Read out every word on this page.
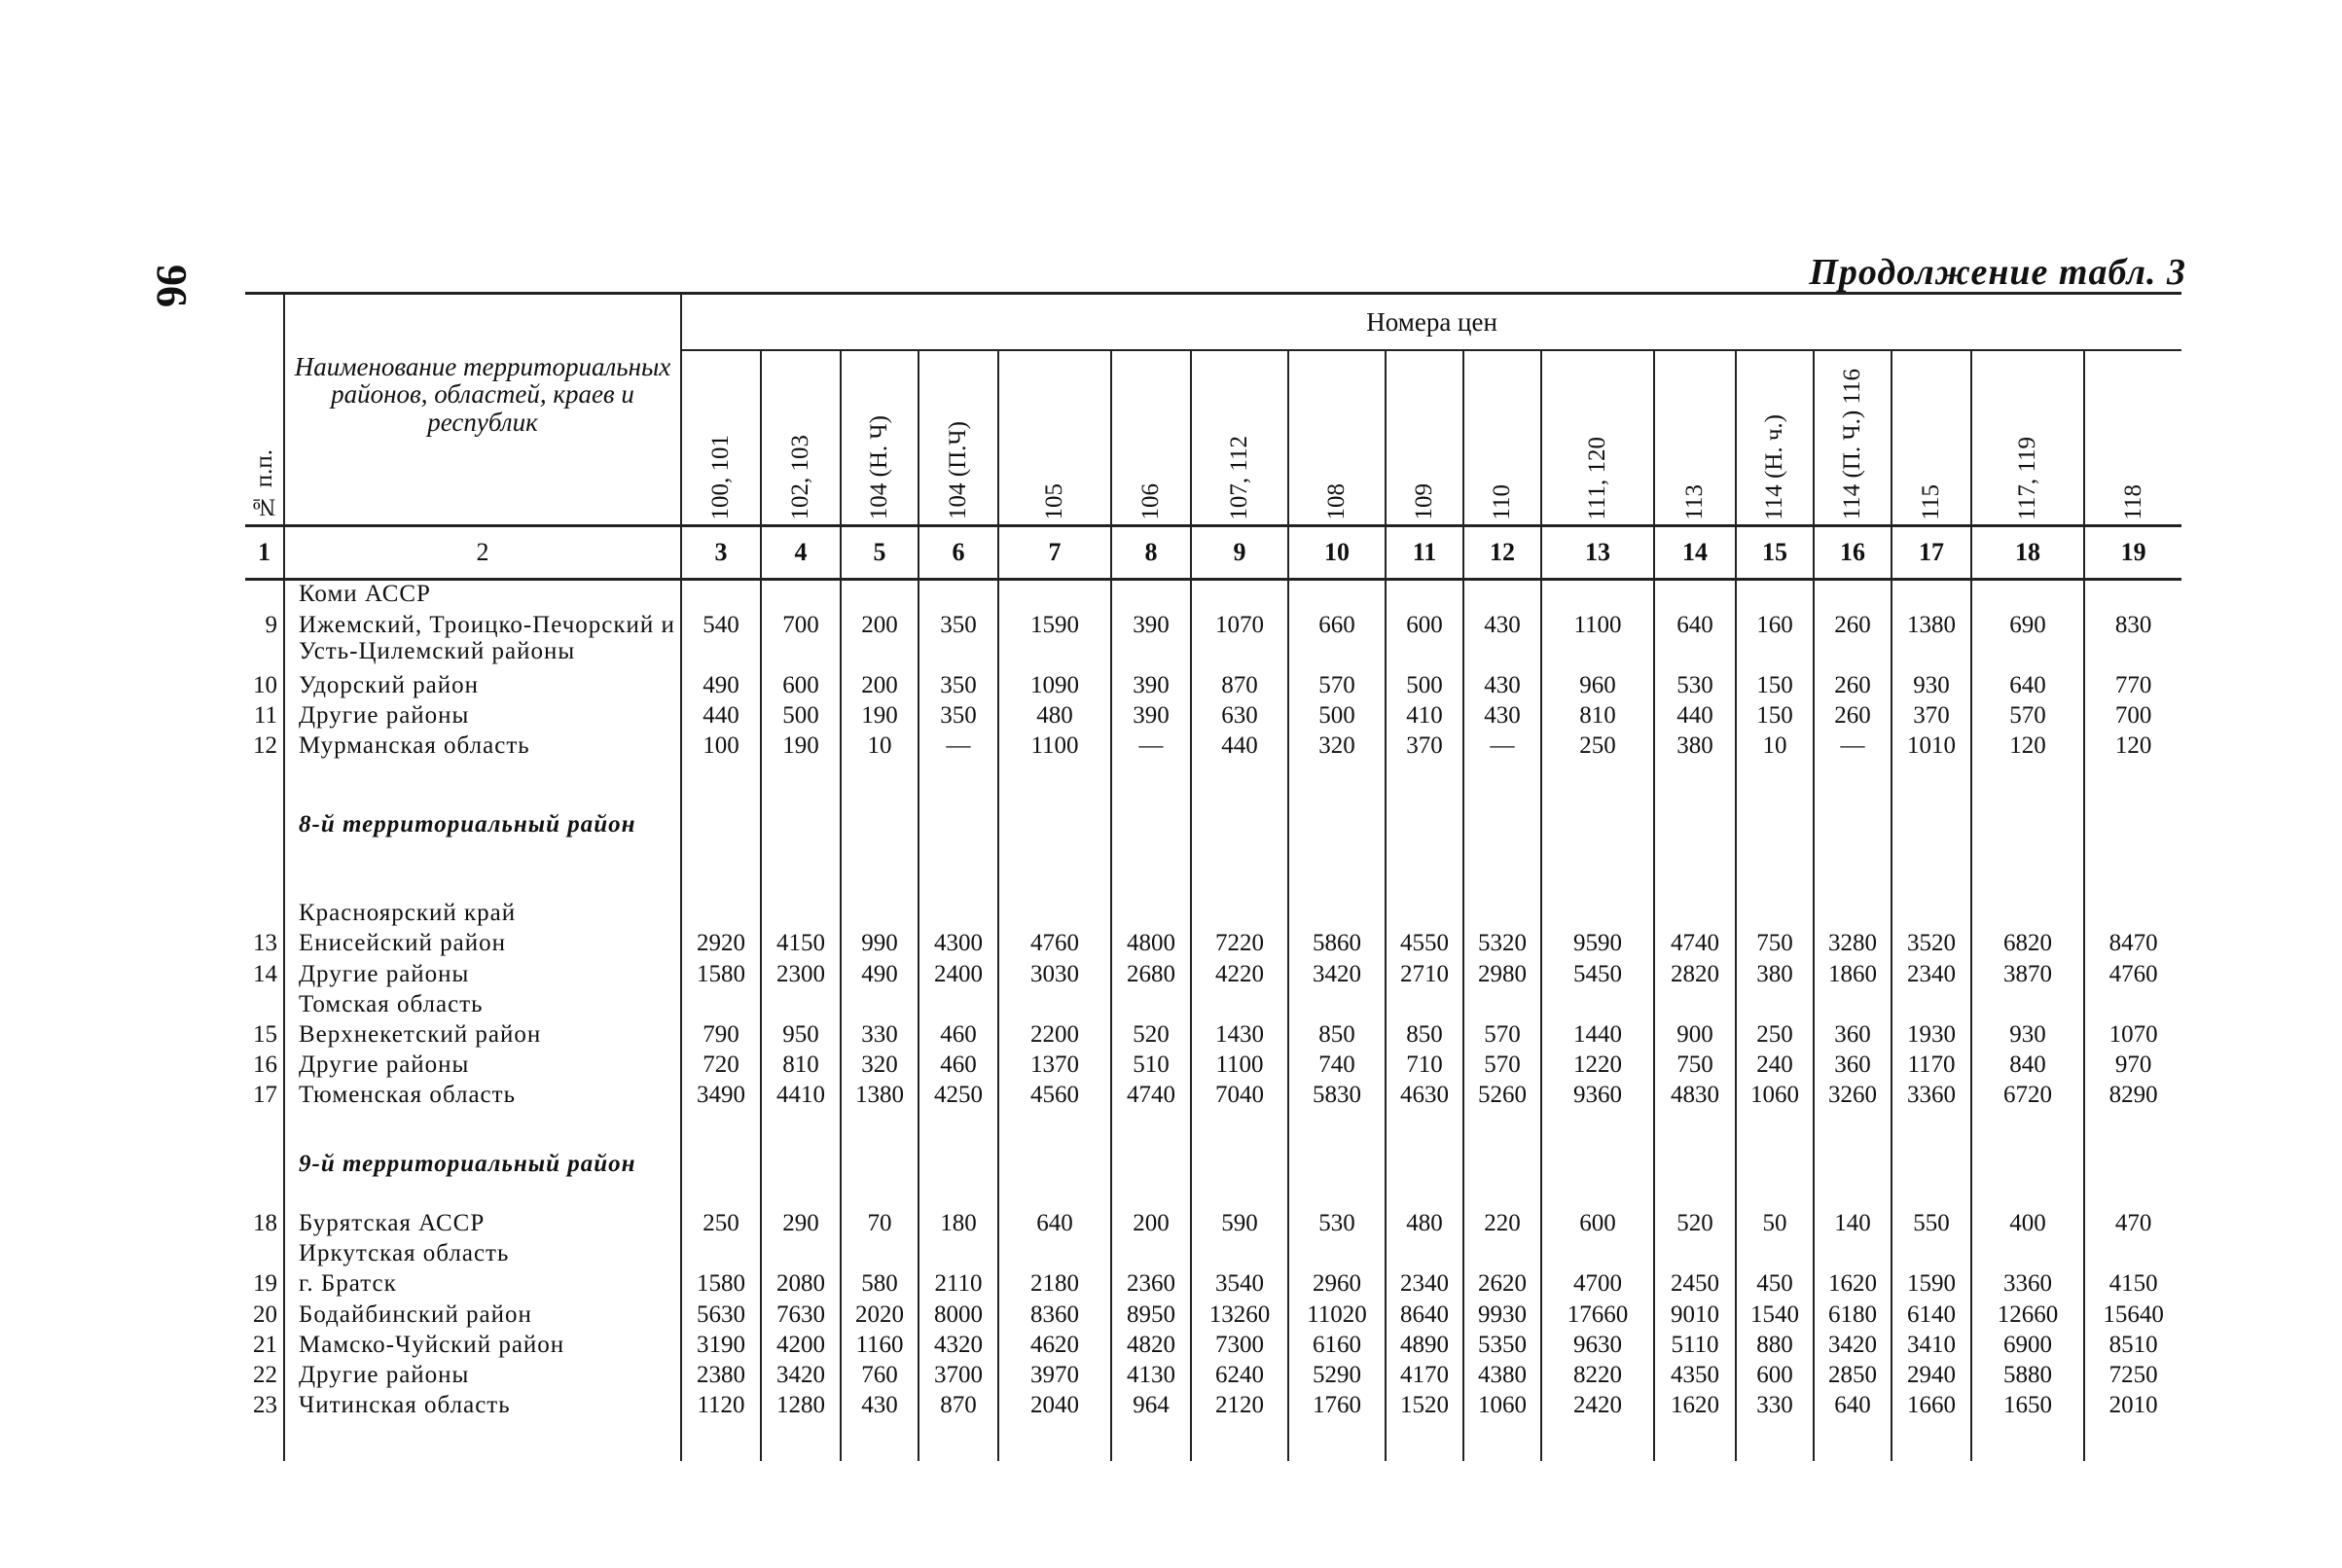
96	Продолжение табл. 3
№ п.п.	Наименование территориальных районов, областей, краев и республик	Номера цен																
		100, 101	102, 103	104 (Н. Ч)	104 (П.Ч)	105	106	107, 112	108	109	110	111, 120	113	114 (Н. ч.)	114 (П. Ч.) 116	115	117, 119	118
1	2	3	4	5	6	7	8	9	10	11	12	13	14	15	16	17	18	19
	Коми АССР																	
9	Ижемский, Троицко-Печорский и Усть-Цилемский районы	540	700	200	350	1590	390	1070	660	600	430	1100	640	160	260	1380	690	830
10	Удорский район	490	600	200	350	1090	390	870	570	500	430	960	530	150	260	930	640	770
11	Другие районы	440	500	190	350	480	390	630	500	410	430	810	440	150	260	370	570	700
12	Мурманская область	100	190	10	—	1100	—	440	320	370	—	250	380	10	—	1010	120	120

	8-й территориальный район																	

	Красноярский край																	
13	Енисейский район	2920	4150	990	4300	4760	4800	7220	5860	4550	5320	9590	4740	750	3280	3520	6820	8470
14	Другие районы	1580	2300	490	2400	3030	2680	4220	3420	2710	2980	5450	2820	380	1860	2340	3870	4760
	Томская область																	
15	Верхнекетский район	790	950	330	460	2200	520	1430	850	850	570	1440	900	250	360	1930	930	1070
16	Другие районы	720	810	320	460	1370	510	1100	740	710	570	1220	750	240	360	1170	840	970
17	Тюменская область	3490	4410	1380	4250	4560	4740	7040	5830	4630	5260	9360	4830	1060	3260	3360	6720	8290

	9-й территориальный район																	

18	Бурятская АССР	250	290	70	180	640	200	590	530	480	220	600	520	50	140	550	400	470
	Иркутская область																	
19	г. Братск	1580	2080	580	2110	2180	2360	3540	2960	2340	2620	4700	2450	450	1620	1590	3360	4150
20	Бодайбинский район	5630	7630	2020	8000	8360	8950	13260	11020	8640	9930	17660	9010	1540	6180	6140	12660	15640
21	Мамско-Чуйский район	3190	4200	1160	4320	4620	4820	7300	6160	4890	5350	9630	5110	880	3420	3410	6900	8510
22	Другие районы	2380	3420	760	3700	3970	4130	6240	5290	4170	4380	8220	4350	600	2850	2940	5880	7250
23	Читинская область	1120	1280	430	870	2040	964	2120	1760	1520	1060	2420	1620	330	640	1660	1650	2010
